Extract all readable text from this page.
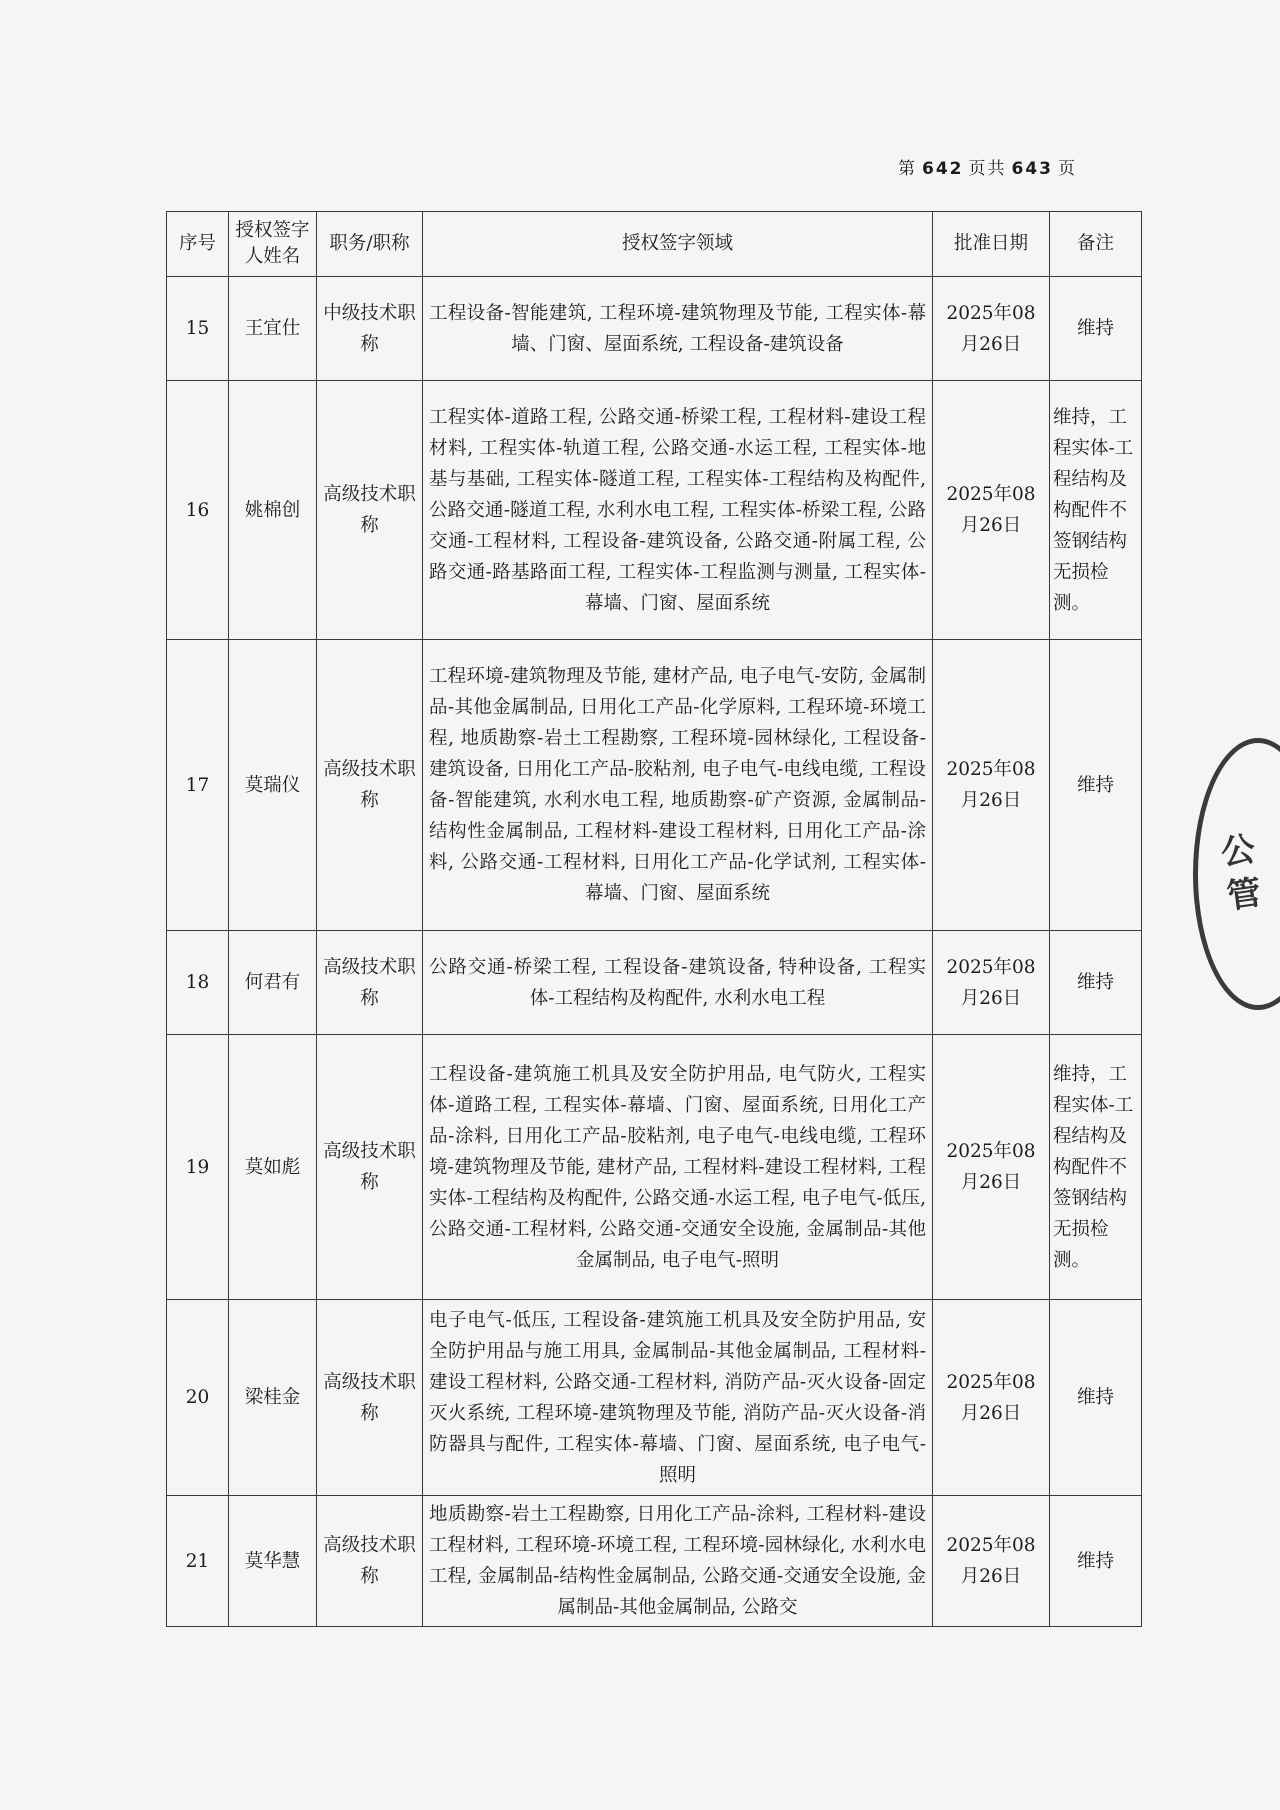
第 642 页共 643 页
序号	授权签字人姓名	职务/职称	授权签字领域	批准日期	备注
15	王宜仕	中级技术职称	工程设备-智能建筑, 工程环境-建筑物理及节能, 工程实体-幕墙、门窗、屋面系统, 工程设备-建筑设备	2025年08月26日	维持
16	姚棉创	高级技术职称	工程实体-道路工程, 公路交通-桥梁工程, 工程材料-建设工程材料, 工程实体-轨道工程, 公路交通-水运工程, 工程实体-地基与基础, 工程实体-隧道工程, 工程实体-工程结构及构配件, 公路交通-隧道工程, 水利水电工程, 工程实体-桥梁工程, 公路交通-工程材料, 工程设备-建筑设备, 公路交通-附属工程, 公路交通-路基路面工程, 工程实体-工程监测与测量, 工程实体-幕墙、门窗、屋面系统	2025年08月26日	维持，工程实体-工程结构及构配件不签钢结构无损检测。
17	莫瑞仪	高级技术职称	工程环境-建筑物理及节能, 建材产品, 电子电气-安防, 金属制品-其他金属制品, 日用化工产品-化学原料, 工程环境-环境工程, 地质勘察-岩土工程勘察, 工程环境-园林绿化, 工程设备-建筑设备, 日用化工产品-胶粘剂, 电子电气-电线电缆, 工程设备-智能建筑, 水利水电工程, 地质勘察-矿产资源, 金属制品-结构性金属制品, 工程材料-建设工程材料, 日用化工产品-涂料, 公路交通-工程材料, 日用化工产品-化学试剂, 工程实体-幕墙、门窗、屋面系统	2025年08月26日	维持
18	何君有	高级技术职称	公路交通-桥梁工程, 工程设备-建筑设备, 特种设备, 工程实体-工程结构及构配件, 水利水电工程	2025年08月26日	维持
19	莫如彪	高级技术职称	工程设备-建筑施工机具及安全防护用品, 电气防火, 工程实体-道路工程, 工程实体-幕墙、门窗、屋面系统, 日用化工产品-涂料, 日用化工产品-胶粘剂, 电子电气-电线电缆, 工程环境-建筑物理及节能, 建材产品, 工程材料-建设工程材料, 工程实体-工程结构及构配件, 公路交通-水运工程, 电子电气-低压, 公路交通-工程材料, 公路交通-交通安全设施, 金属制品-其他金属制品, 电子电气-照明	2025年08月26日	维持，工程实体-工程结构及构配件不签钢结构无损检测。
20	梁桂金	高级技术职称	电子电气-低压, 工程设备-建筑施工机具及安全防护用品, 安全防护用品与施工用具, 金属制品-其他金属制品, 工程材料-建设工程材料, 公路交通-工程材料, 消防产品-灭火设备-固定灭火系统, 工程环境-建筑物理及节能, 消防产品-灭火设备-消防器具与配件, 工程实体-幕墙、门窗、屋面系统, 电子电气-照明	2025年08月26日	维持
21	莫华慧	高级技术职称	地质勘察-岩土工程勘察, 日用化工产品-涂料, 工程材料-建设工程材料, 工程环境-环境工程, 工程环境-园林绿化, 水利水电工程, 金属制品-结构性金属制品, 公路交通-交通安全设施, 金属制品-其他金属制品, 公路交	2025年08月26日	维持
公管
